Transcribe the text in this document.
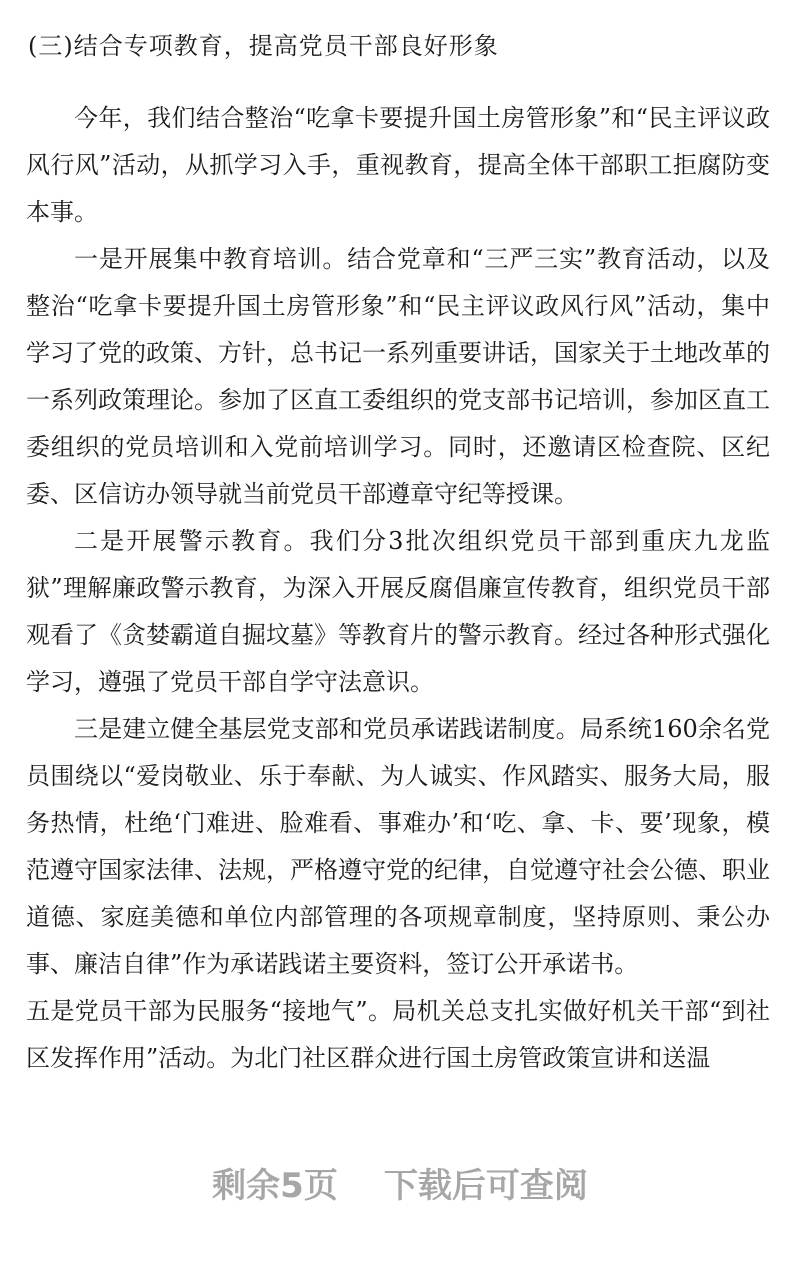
(三)结合专项教育，提高党员干部良好形象

今年，我们结合整治“吃拿卡要提升国土房管形象”和“民主评议政风行风”活动，从抓学习入手，重视教育，提高全体干部职工拒腐防变本事。

一是开展集中教育培训。结合党章和“三严三实”教育活动，以及整治“吃拿卡要提升国土房管形象”和“民主评议政风行风”活动，集中学习了党的政策、方针，总书记一系列重要讲话，国家关于土地改革的一系列政策理论。参加了区直工委组织的党支部书记培训，参加区直工委组织的党员培训和入党前培训学习。同时，还邀请区检查院、区纪委、区信访办领导就当前党员干部遵章守纪等授课。

二是开展警示教育。我们分3批次组织党员干部到重庆九龙监狱”理解廉政警示教育，为深入开展反腐倡廉宣传教育，组织党员干部观看了《贪婪霸道自掘坟墓》等教育片的警示教育。经过各种形式强化学习，遵强了党员干部自学守法意识。

三是建立健全基层党支部和党员承诺践诺制度。局系统160余名党员围绕以“爱岗敬业、乐于奉献、为人诚实、作风踏实、服务大局，服务热情，杜绝‘门难进、脸难看、事难办’和‘吃、拿、卡、要’现象，模范遵守国家法律、法规，严格遵守党的纪律，自觉遵守社会公德、职业道德、家庭美德和单位内部管理的各项规章制度，坚持原则、秉公办事、廉洁自律”作为承诺践诺主要资料，签订公开承诺书。

五是党员干部为民服务“接地气”。局机关总支扎实做好机关干部“到社区发挥作用”活动。为北门社区群众进行国土房管政策宣讲和送温

剩余5页 下载后可查阅
